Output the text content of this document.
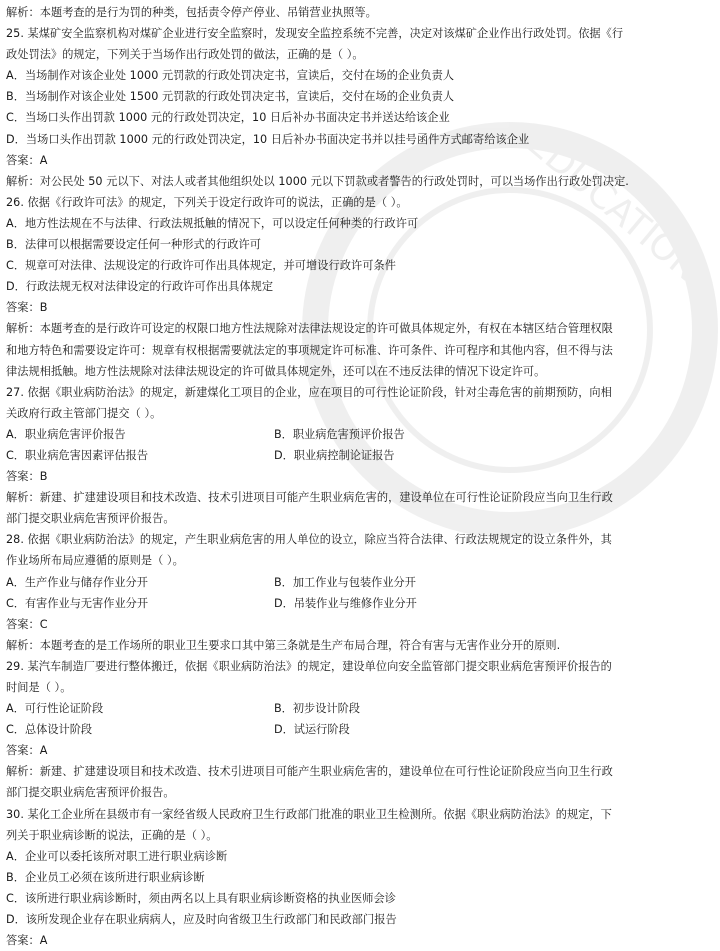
EDUCATION
解析：本题考查的是行为罚的种类，包括责令停产停业、吊销营业执照等。
25. 某煤矿安全监察机构对煤矿企业进行安全监察时，发现安全监控系统不完善，决定对该煤矿企业作出行政处罚。依据《行
政处罚法》的规定，下列关于当场作出行政处罚的做法，正确的是（ ）。
A．当场制作对该企业处 1000 元罚款的行政处罚决定书，宣读后，交付在场的企业负责人
B．当场制作对该企业处 1500 元罚款的行政处罚决定书，宣读后，交付在场的企业负责人
C．当场口头作出罚款 1000 元的行政处罚决定，10 日后补办书面决定书并送达给该企业
D．当场口头作出罚款 1000 元的行政处罚决定，10 日后补办书面决定书并以挂号函件方式邮寄给该企业
答案：A
解析：对公民处 50 元以下、对法人或者其他组织处以 1000 元以下罚款或者警告的行政处罚时，可以当场作出行政处罚决定.
26. 依据《行政许可法》的规定，下列关于设定行政许可的说法，正确的是（ ）。
A．地方性法规在不与法律、行政法规抵触的情况下，可以设定任何种类的行政许可
B．法律可以根据需要设定任何一种形式的行政许可
C．规章可对法律、法规设定的行政许可作出具体规定，并可增设行政许可条件
D．行政法规无权对法律设定的行政许可作出具体规定
答案：B
解析：本题考查的是行政许可设定的权限口地方性法规除对法律法规设定的许可做具体规定外，有权在本辖区结合管理权限
和地方特色和需要设定许可：规章有权根据需要就法定的事项规定许可标准、许可条件、许可程序和其他内容，但不得与法
律法规相抵触。地方性法规除对法律法规设定的许可做具体规定外，还可以在不违反法律的情况下设定许可。
27. 依据《职业病防治法》的规定，新建煤化工项目的企业，应在项目的可行性论证阶段，针对尘毒危害的前期预防，向相
关政府行政主管部门提交（ ）。
A．职业病危害评价报告	B．职业病危害预评价报告
C．职业病危害因素评估报告	D．职业病控制论证报告
答案：B
解析：新建、扩建建设项目和技术改造、技术引进项目可能产生职业病危害的，建设单位在可行性论证阶段应当向卫生行政
部门提交职业病危害预评价报告。
28. 依据《职业病防治法》的规定，产生职业病危害的用人单位的设立，除应当符合法律、行政法规规定的设立条件外，其
作业场所布局应遵循的原则是（ ）。
A．生产作业与储存作业分开	B．加工作业与包装作业分开
C．有害作业与无害作业分开	D．吊装作业与维修作业分开
答案：C
解析：本题考查的是工作场所的职业卫生要求口其中第三条就是生产布局合理，符合有害与无害作业分开的原则.
29. 某汽车制造厂要进行整体搬迁，依据《职业病防治法》的规定，建设单位向安全监管部门提交职业病危害预评价报告的
时间是（ ）。
A．可行性论证阶段	B．初步设计阶段
C．总体设计阶段	D．试运行阶段
答案：A
解析：新建、扩建建设项目和技术改造、技术引进项目可能产生职业病危害的，建设单位在可行性论证阶段应当向卫生行政
部门提交职业病危害预评价报告。
30. 某化工企业所在县级市有一家经省级人民政府卫生行政部门批准的职业卫生检测所。依据《职业病防治法》的规定，下
列关于职业病诊断的说法，正确的是（ ）。
A．企业可以委托该所对职工进行职业病诊断
B．企业员工必须在该所进行职业病诊断
C．该所进行职业病诊断时，须由两名以上具有职业病诊断资格的执业医师会诊
D．该所发现企业存在职业病病人，应及时向省级卫生行政部门和民政部门报告
答案：A
